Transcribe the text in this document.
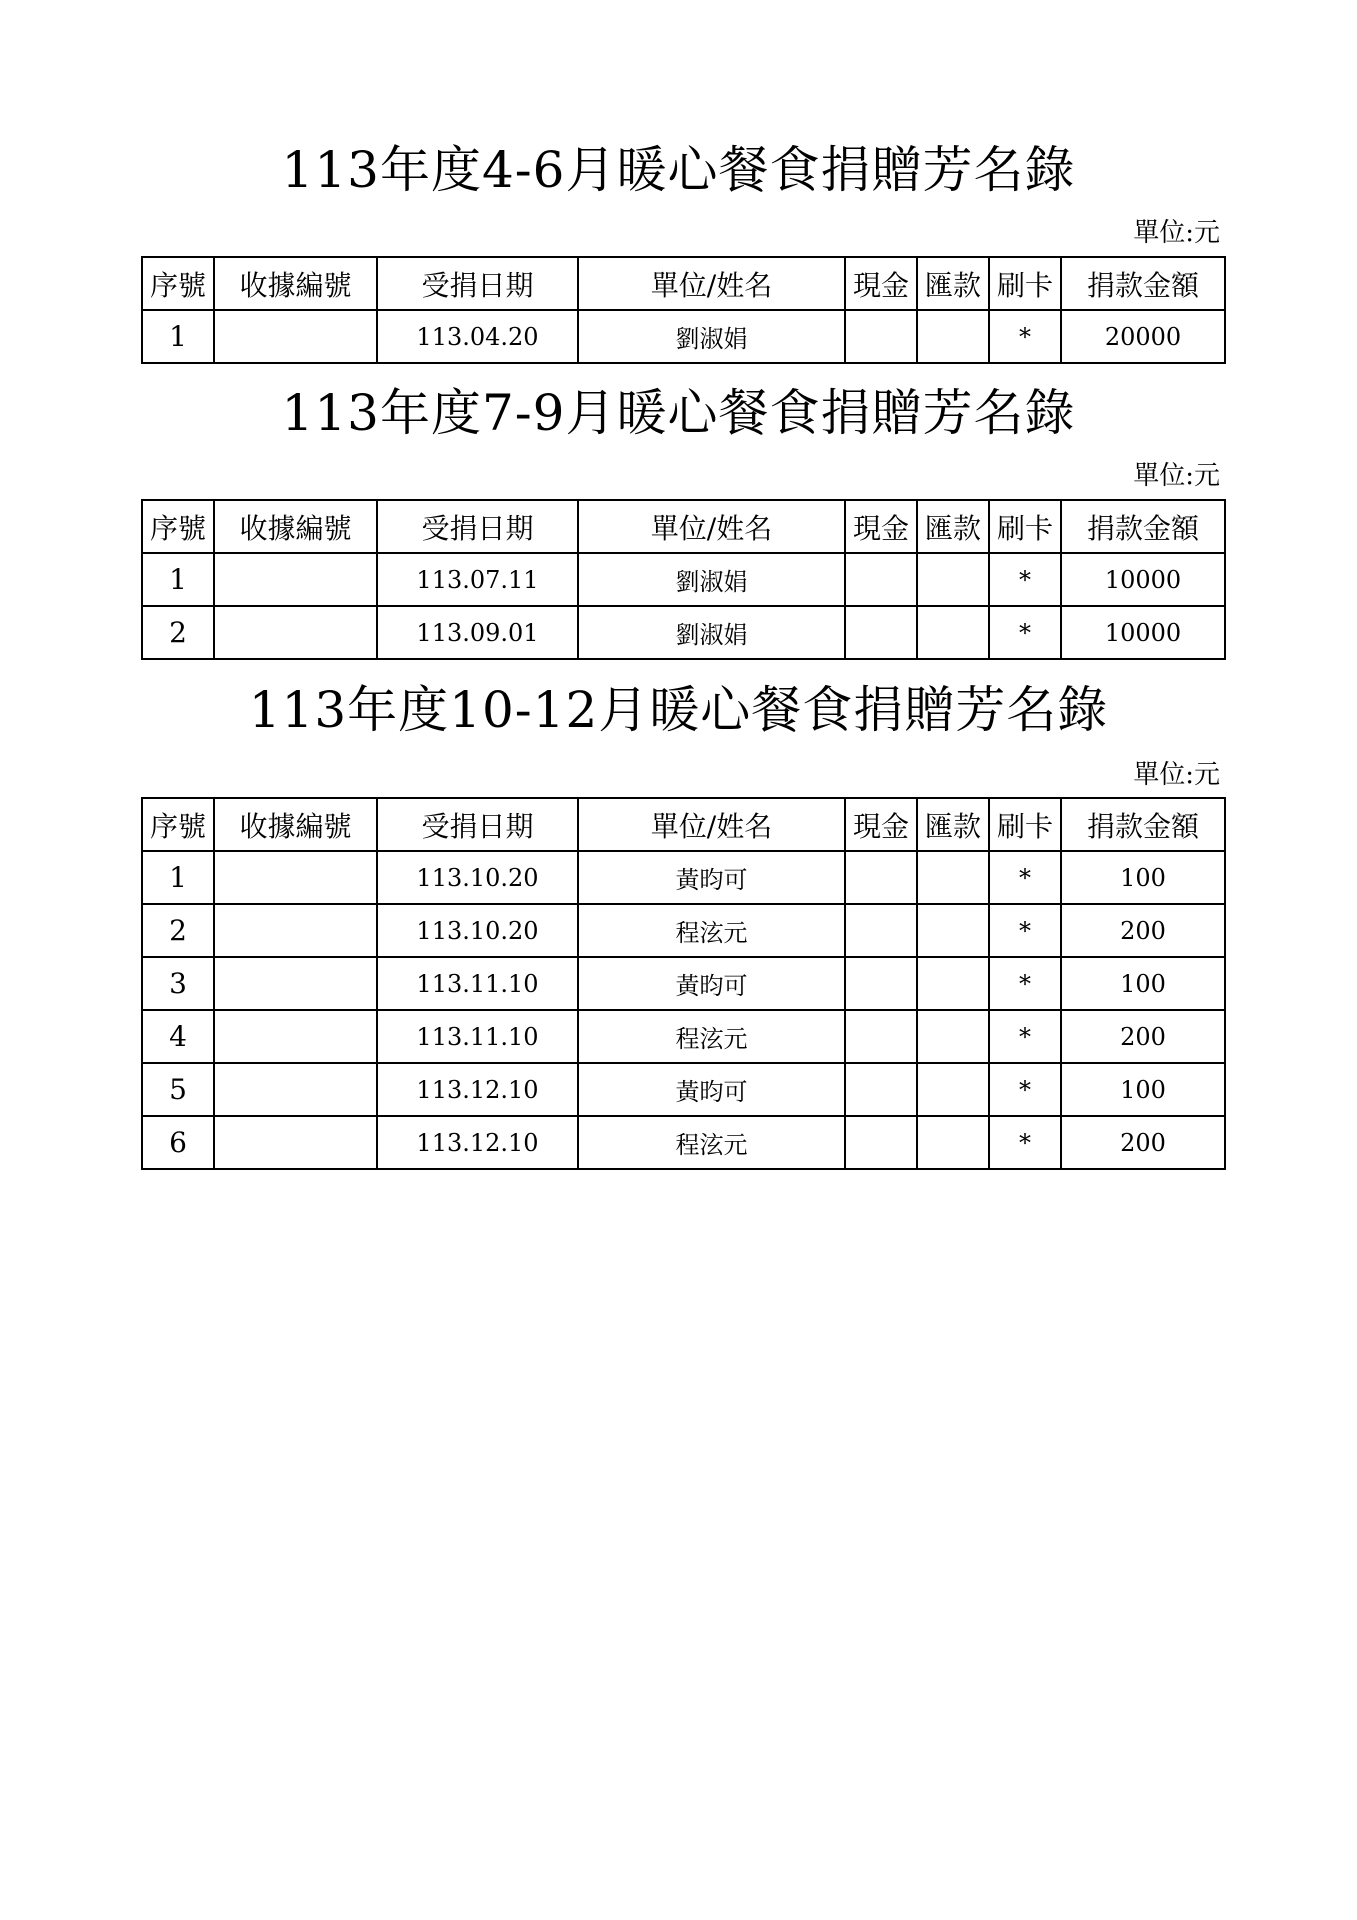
113年度4-6月暖心餐食捐贈芳名錄
單位:元
序號	收據編號	受捐日期	單位/姓名	現金	匯款	刷卡	捐款金額
1		113.04.20	劉淑娟			*	20000
113年度7-9月暖心餐食捐贈芳名錄
單位:元
序號	收據編號	受捐日期	單位/姓名	現金	匯款	刷卡	捐款金額
1		113.07.11	劉淑娟			*	10000
2		113.09.01	劉淑娟			*	10000
113年度10-12月暖心餐食捐贈芳名錄
單位:元
序號	收據編號	受捐日期	單位/姓名	現金	匯款	刷卡	捐款金額
1		113.10.20	黃昀可			*	100
2		113.10.20	程泫元			*	200
3		113.11.10	黃昀可			*	100
4		113.11.10	程泫元			*	200
5		113.12.10	黃昀可			*	100
6		113.12.10	程泫元			*	200
